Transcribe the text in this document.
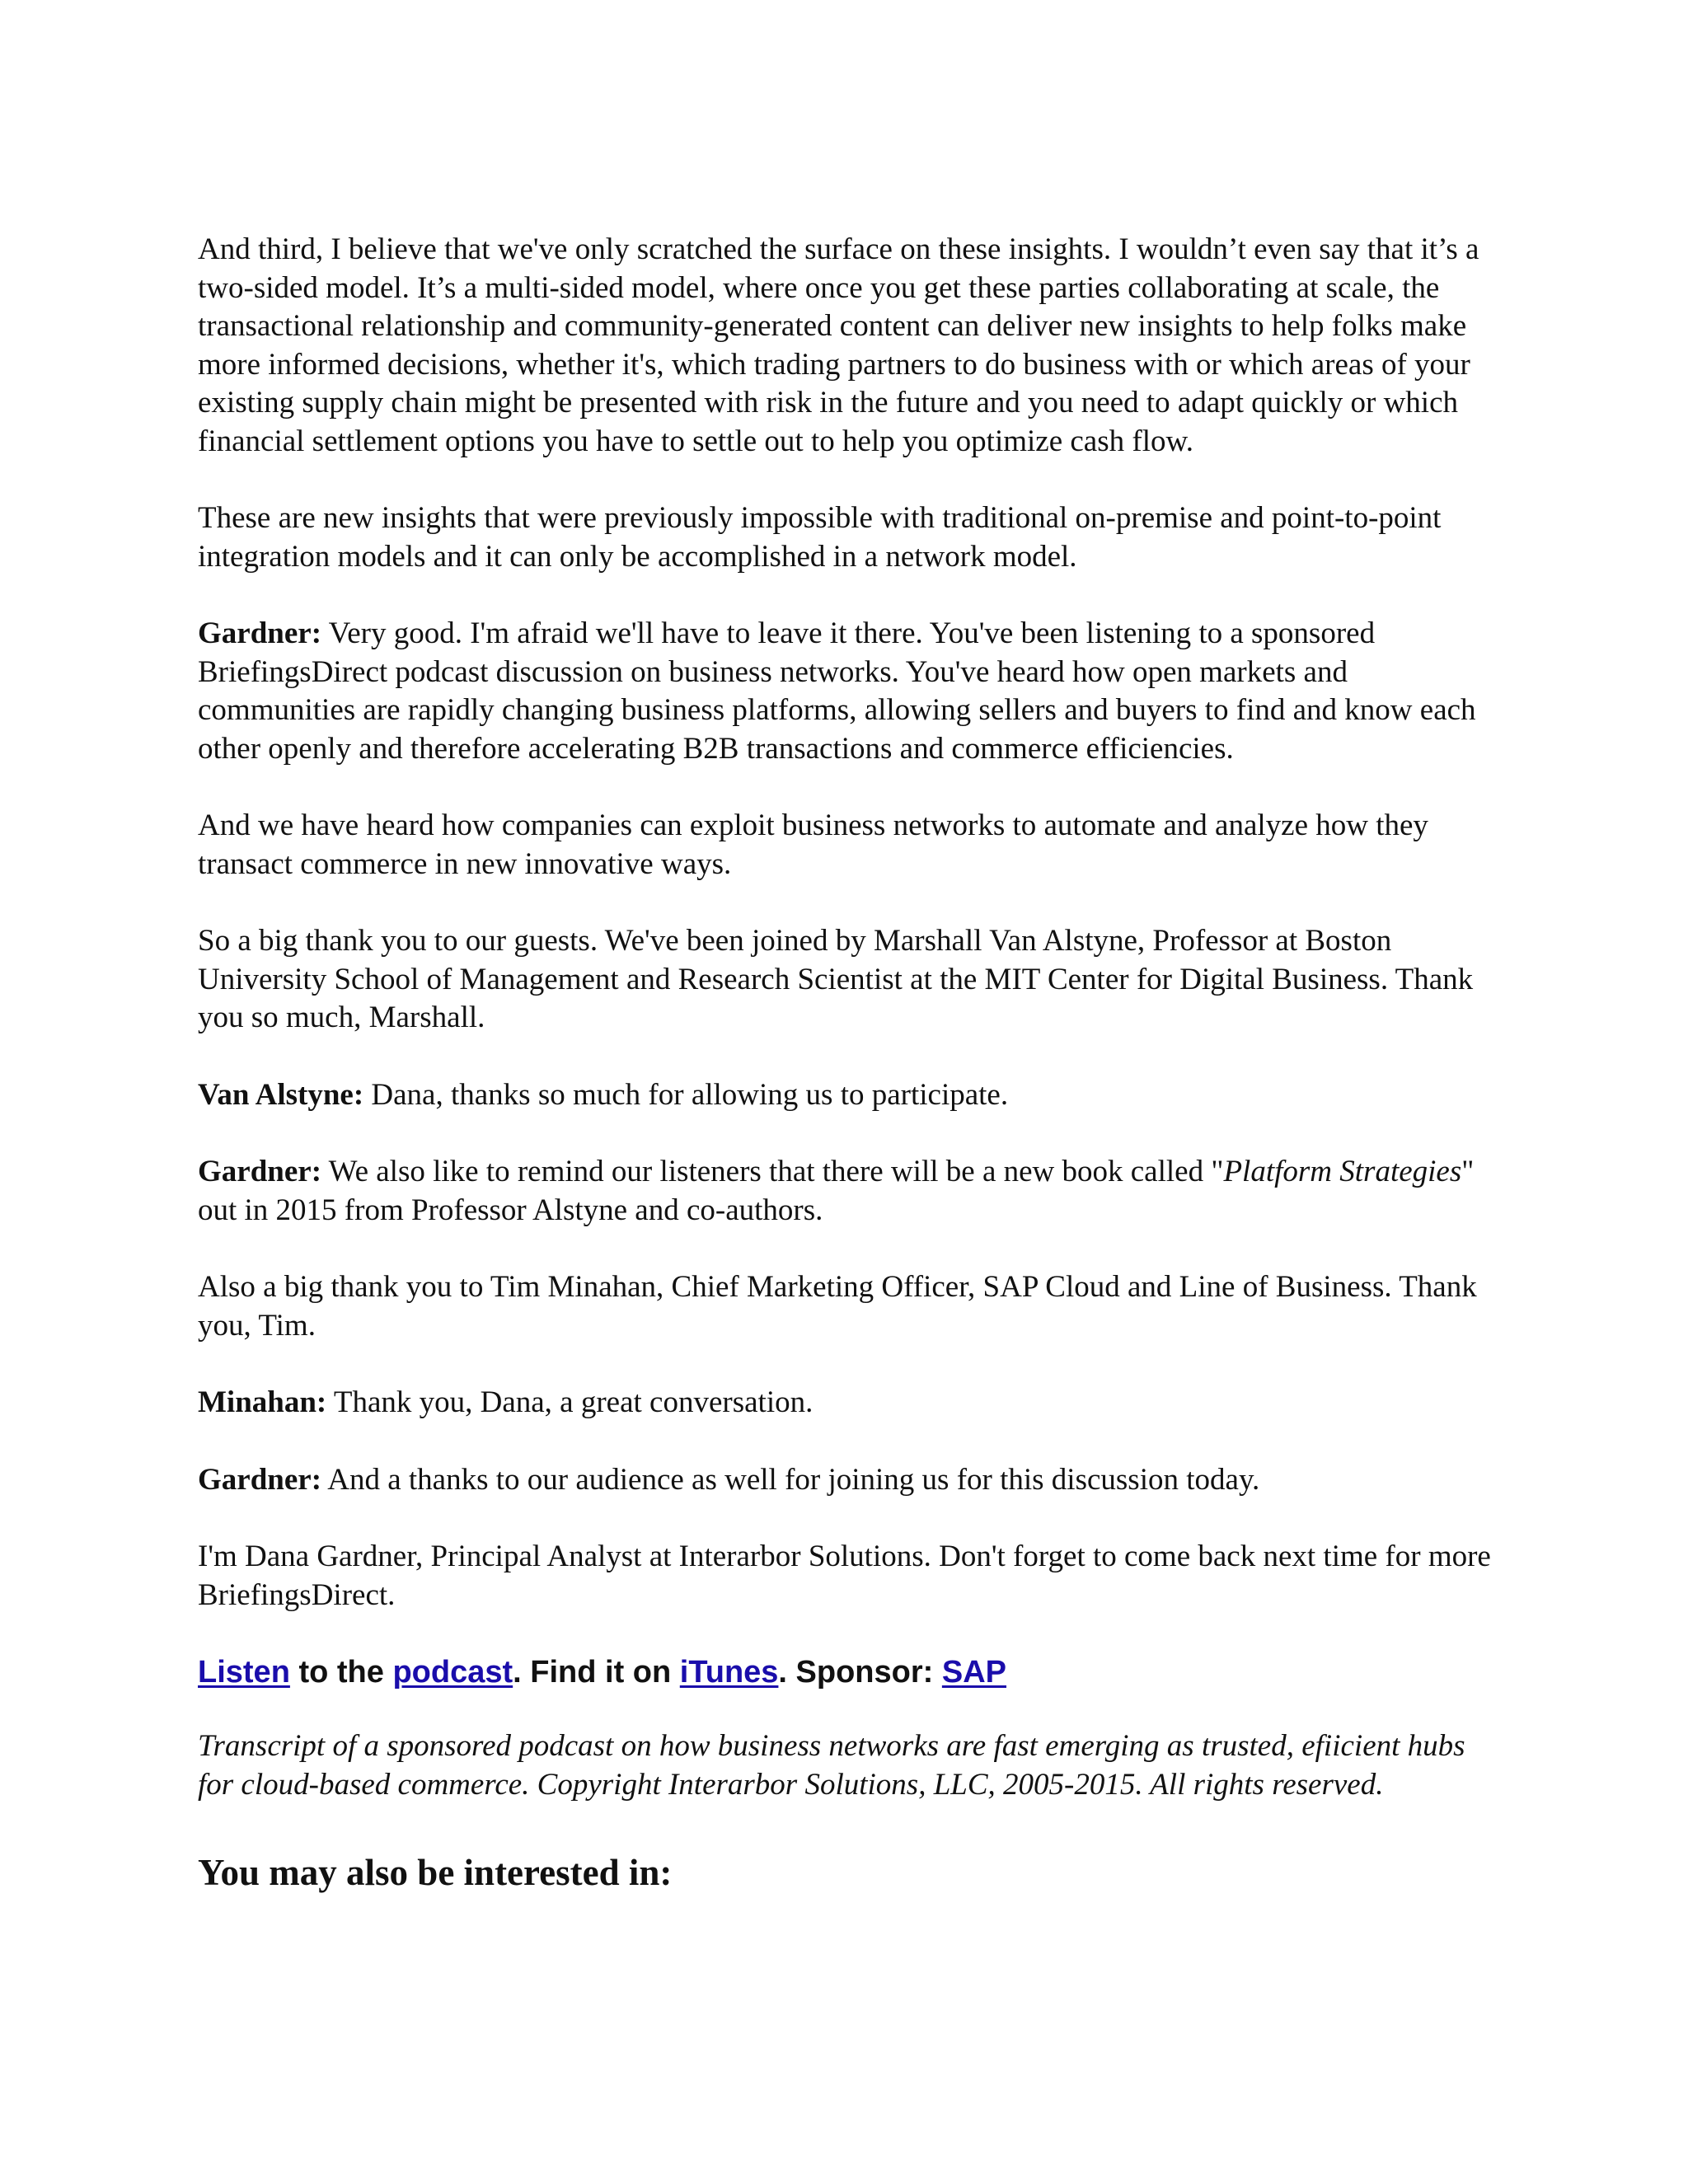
And third, I believe that we've only scratched the surface on these insights. I wouldn’t even say that it’s a two-sided model. It’s a multi-sided model, where once you get these parties collaborating at scale, the transactional relationship and community-generated content can deliver new insights to help folks make more informed decisions, whether it's, which trading partners to do business with or which areas of your existing supply chain might be presented with risk in the future and you need to adapt quickly or which financial settlement options you have to settle out to help you optimize cash flow.

These are new insights that were previously impossible with traditional on-premise and point-to-point integration models and it can only be accomplished in a network model.

Gardner: Very good. I'm afraid we'll have to leave it there. You've been listening to a sponsored BriefingsDirect podcast discussion on business networks. You've heard how open markets and communities are rapidly changing business platforms, allowing sellers and buyers to find and know each other openly and therefore accelerating B2B transactions and commerce efficiencies.

And we have heard how companies can exploit business networks to automate and analyze how they transact commerce in new innovative ways.

So a big thank you to our guests. We've been joined by Marshall Van Alstyne, Professor at Boston University School of Management and Research Scientist at the MIT Center for Digital Business. Thank you so much, Marshall.

Van Alstyne: Dana, thanks so much for allowing us to participate.

Gardner: We also like to remind our listeners that there will be a new book called "Platform Strategies" out in 2015 from Professor Alstyne and co-authors.

Also a big thank you to Tim Minahan, Chief Marketing Officer, SAP Cloud and Line of Business. Thank you, Tim.

Minahan: Thank you, Dana, a great conversation.

Gardner: And a thanks to our audience as well for joining us for this discussion today.

I'm Dana Gardner, Principal Analyst at Interarbor Solutions. Don't forget to come back next time for more BriefingsDirect.

Listen to the podcast. Find it on iTunes. Sponsor: SAP

Transcript of a sponsored podcast on how business networks are fast emerging as trusted, efiicient hubs for cloud-based commerce. Copyright Interarbor Solutions, LLC, 2005-2015. All rights reserved.

You may also be interested in:
